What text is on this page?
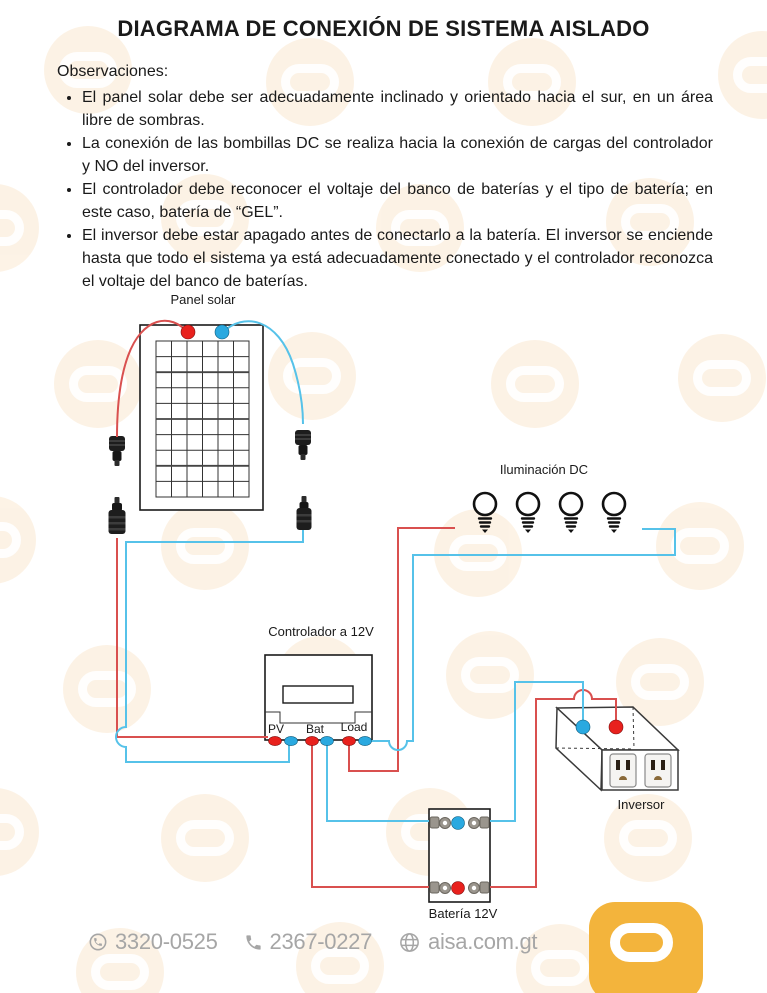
DIAGRAMA DE CONEXIÓN DE SISTEMA AISLADO

Observaciones:

• El panel solar debe ser adecuadamente inclinado y orientado hacia el sur, en un área libre de sombras.
• La conexión de las bombillas DC se realiza hacia la conexión de cargas del controlador y NO del inversor.
• El controlador debe reconocer el voltaje del banco de baterías y el tipo de batería; en este caso, batería de “GEL”.
• El inversor debe estar apagado antes de conectarlo a la batería. El inversor se enciende hasta que todo el sistema ya está adecuadamente conectado y el controlador reconozca el voltaje del banco de baterías.
Panel solar
Iluminación DC
Controlador a 12V
Inversor
Batería 12V
PV	Bat	Load
3320-0525 2367-0227	aisa.com.gt
